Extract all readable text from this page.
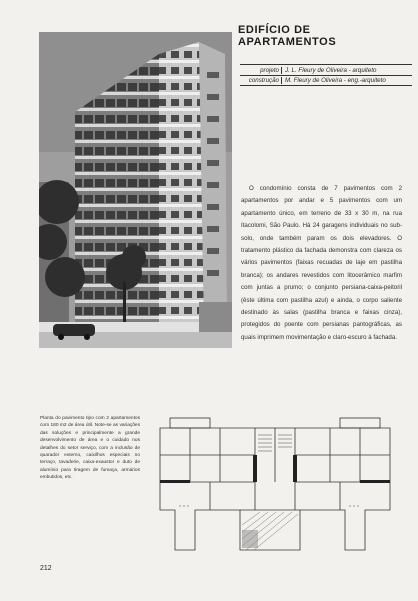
EDIFÍCIO DE APARTAMENTOS
projeto J. L. Fleury de Oliveira - arquiteto
construção M. Fleury de Oliveira - eng.-arquiteto
O condomínio consta de 7 pavimentos com 2 apartamentos por andar e 5 pavimentos com um apartamento único, em terreno de 33 x 30 m, na rua Itacolomi, São Paulo. Há 24 garagens individuais no sub-solo, onde também param os dois elevadores. O tratamento plástico da fachada demonstra com clareza os vários pavimentos (faixas recuadas de laje em pastilha branca); os andares revestidos com litocerâmico marfim com juntas a prumo; o conjunto persiana-caixa-peitoril (êste última com pastilha azul) e ainda, o corpo saliente destinado às salas (pastilha branca e faixas cinza), protegidos do poente com persianas pantográficas, as quais imprimem movimentação e claro-escuro à fachada.
Planta do pavimento tipo com 2 apartamentos com 180 m2 de área útil. Note-se as variações das soluções e principalmente a grande desenvolvimento de área e o cuidado nos detalhes do setor serviço, com a inclusão de quarador externo, caixilhos especiais no terraço, tavaderie, caixa-exaustor e duto de alumínio para tiragem de fumaça, armários embutidos, etc.
212
